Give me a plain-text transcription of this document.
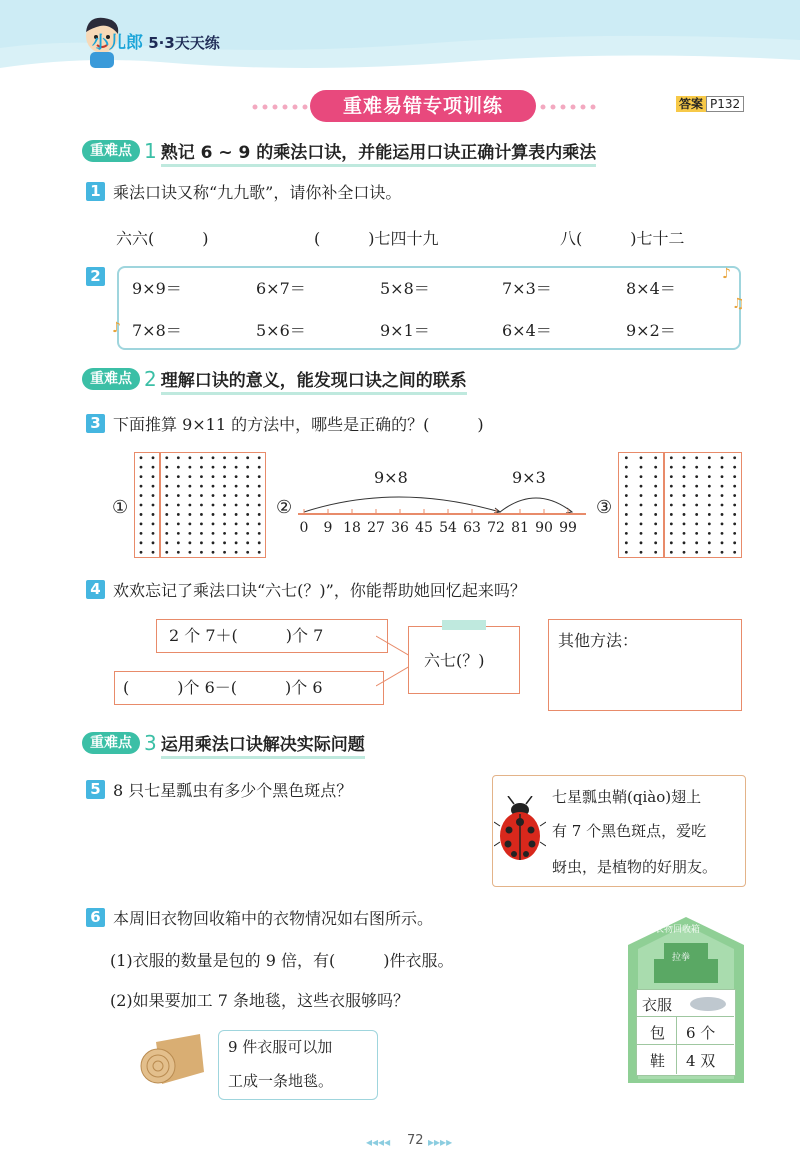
小儿郎 5·3天天练
重难易错专项训练	答案 P132
重难点 1 熟记 6 ~ 9 的乘法口诀，并能运用口诀正确计算表内乘法
1 乘法口诀又称“九九歌”，请你补全口诀。
六六(　　　)	(　　　)七四十九	八(　　　)七十二
2
9×9＝	6×7＝	5×8＝	7×3＝	8×4＝
7×8＝	5×6＝	9×1＝	6×4＝	9×2＝
♪
♪
♫
重难点 2 理解口诀的意义，能发现口诀之间的联系
3 下面推算 9×11 的方法中，哪些是正确的？(　　　)
①	②
9×8	9×3
0	9 18 27 36 45 54 63 72 81 90 99
③
4 欢欢忘记了乘法口诀“六七(？)”，你能帮助她回忆起来吗？
2 个 7＋(　　　)个 7
(　　　)个 6－(　　　)个 6
六七(？)
其他方法：
重难点 3 运用乘法口诀解决实际问题
5 8 只七星瓢虫有多少个黑色斑点？	七星瓢虫鞘(qiào)翅上
有 7 个黑色斑点，爱吃
蚜虫，是植物的好朋友。
6 本周旧衣物回收箱中的衣物情况如右图所示。
(1)衣服的数量是包的 9 倍，有(　　　)件衣服。
(2)如果要加工 7 条地毯，这些衣服够吗？
9 件衣服可以加
工成一条地毯。
旧衣物回收箱
拉拳
衣服
包 6 个
鞋 4 双
◂◂◂◂ 72 ▸▸▸▸
